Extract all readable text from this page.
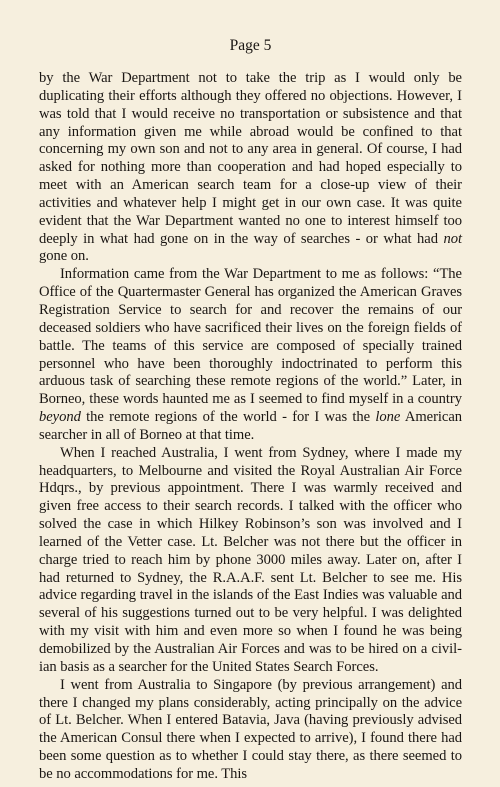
Page 5

by the War Department not to take the trip as I would only be duplicating their efforts although they offered no objections. However, I was told that I would receive no transportation or subsistence and that any information given me while abroad would be confined to that concerning my own son and not to any area in general. Of course, I had asked for nothing more than cooperation and had hoped especially to meet with an American search team for a close-up view of their activities and whatever help I might get in our own case. It was quite evident that the War Department wanted no one to interest himself too deeply in what had gone on in the way of searches - or what had not gone on.

Information came from the War Department to me as follows: “The Office of the Quartermaster General has organized the American Graves Registration Service to search for and recover the remains of our deceased soldiers who have sacrificed their lives on the foreign fields of battle. The teams of this service are composed of specially trained personnel who have been thoroughly indoctrinated to perform this arduous task of searching these remote regions of the world.” Later, in Borneo, these words haunted me as I seemed to find myself in a country beyond the remote regions of the world - for I was the lone American searcher in all of Borneo at that time.

When I reached Australia, I went from Sydney, where I made my headquarters, to Melbourne and visited the Royal Australian Air Force Hdqrs., by previous appointment. There I was warmly received and given free access to their search records. I talked with the officer who solved the case in which Hilkey Robinson’s son was involved and I learned of the Vetter case. Lt. Belcher was not there but the officer in charge tried to reach him by phone 3000 miles away. Later on, after I had returned to Sydney, the R.A.A.F. sent Lt. Belcher to see me. His advice regarding travel in the islands of the East Indies was valuable and several of his suggestions turned out to be very helpful. I was delighted with my visit with him and even more so when I found he was being demobilized by the Australian Air Forces and was to be hired on a civilian basis as a searcher for the United States Search Forces.

I went from Australia to Singapore (by previous arrangement) and there I changed my plans considerably, acting principally on the advice of Lt. Belcher. When I entered Batavia, Java (having previously advised the American Consul there when I expected to arrive), I found there had been some question as to whether I could stay there, as there seemed to be no accommodations for me. This
